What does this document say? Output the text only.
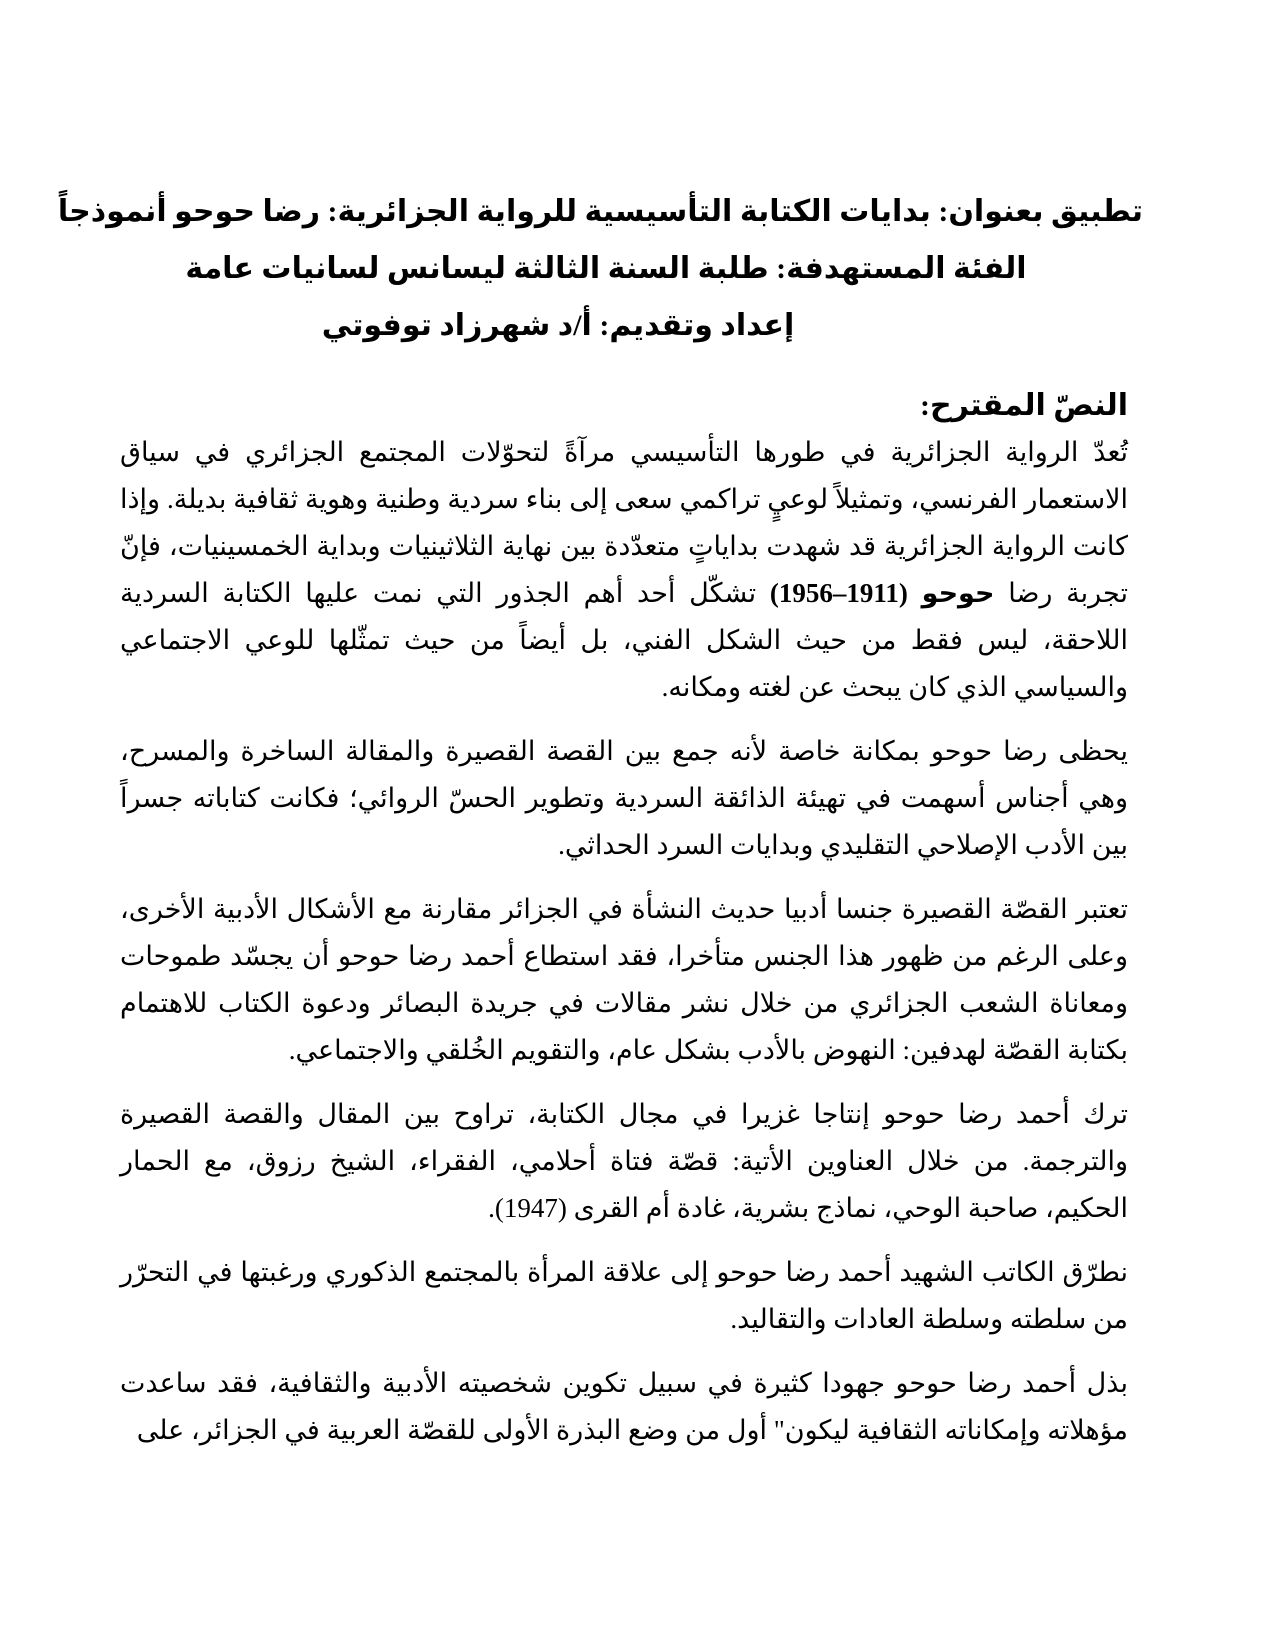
تطبيق بعنوان: بدايات الكتابة التأسيسية للرواية الجزائرية: رضا حوحو أنموذجاً
الفئة المستهدفة: طلبة السنة الثالثة ليسانس لسانيات عامة
إعداد وتقديم: أ/د شهرزاد توفوتي
النصّ المقترح:

تُعدّ الرواية الجزائرية في طورها التأسيسي مرآةً لتحوّلات المجتمع الجزائري في سياق الاستعمار الفرنسي، وتمثيلاً لوعيٍ تراكمي سعى إلى بناء سردية وطنية وهوية ثقافية بديلة. وإذا كانت الرواية الجزائرية قد شهدت بداياتٍ متعدّدة بين نهاية الثلاثينيات وبداية الخمسينيات، فإنّ تجربة رضا حوحو (1911–1956) تشكّل أحد أهم الجذور التي نمت عليها الكتابة السردية اللاحقة، ليس فقط من حيث الشكل الفني، بل أيضاً من حيث تمثّلها للوعي الاجتماعي والسياسي الذي كان يبحث عن لغته ومكانه.

يحظى رضا حوحو بمكانة خاصة لأنه جمع بين القصة القصيرة والمقالة الساخرة والمسرح، وهي أجناس أسهمت في تهيئة الذائقة السردية وتطوير الحسّ الروائي؛ فكانت كتاباته جسراً بين الأدب الإصلاحي التقليدي وبدايات السرد الحداثي.

تعتبر القصّة القصيرة جنسا أدبيا حديث النشأة في الجزائر مقارنة مع الأشكال الأدبية الأخرى، وعلى الرغم من ظهور هذا الجنس متأخرا، فقد استطاع أحمد رضا حوحو أن يجسّد طموحات ومعاناة الشعب الجزائري من خلال نشر مقالات في جريدة البصائر ودعوة الكتاب للاهتمام بكتابة القصّة لهدفين: النهوض بالأدب بشكل عام، والتقويم الخُلقي والاجتماعي.

ترك أحمد رضا حوحو إنتاجا غزيرا في مجال الكتابة، تراوح بين المقال والقصة القصيرة والترجمة. من خلال العناوين الأتية: قصّة فتاة أحلامي، الفقراء، الشيخ رزوق، مع الحمار الحكيم، صاحبة الوحي، نماذج بشرية، غادة أم القرى (1947).

نطرّق الكاتب الشهيد أحمد رضا حوحو إلى علاقة المرأة بالمجتمع الذكوري ورغبتها في التحرّر من سلطته وسلطة العادات والتقاليد.

بذل أحمد رضا حوحو جهودا كثيرة في سبيل تكوين شخصيته الأدبية والثقافية، فقد ساعدت مؤهلاته وإمكاناته الثقافية ليكون" أول من وضع البذرة الأولى للقصّة العربية في الجزائر، على
